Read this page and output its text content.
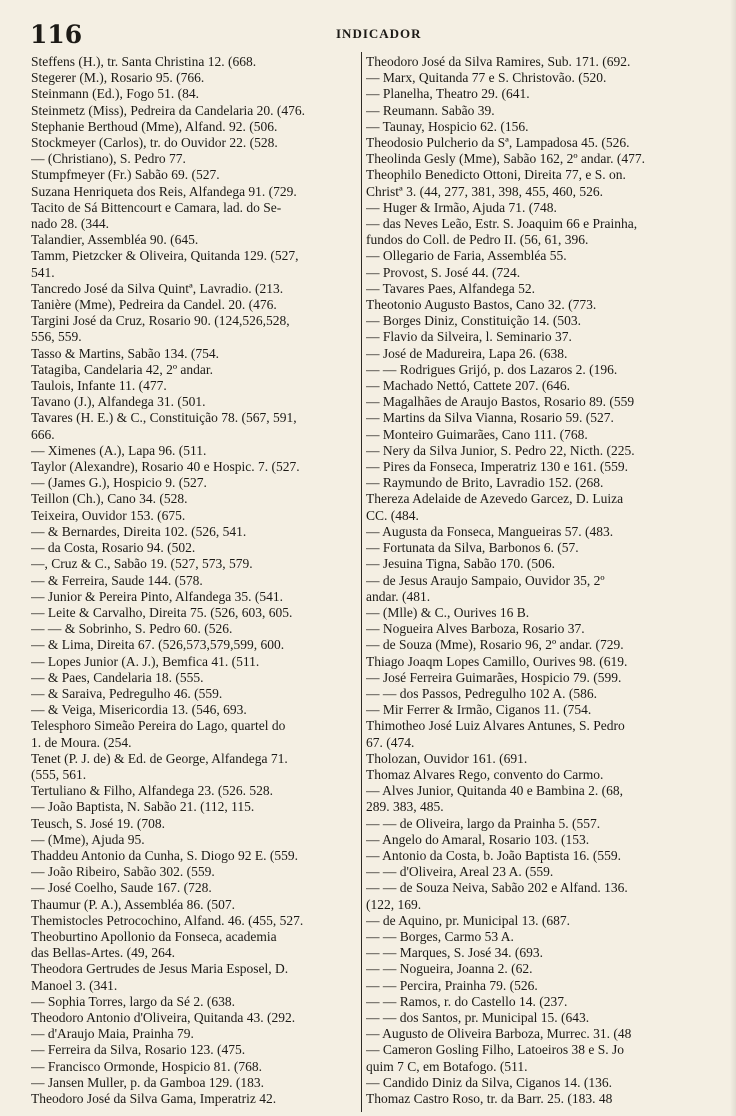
116	INDICADOR
Steffens (H.), tr. Santa Christina 12. (668.
Stegerer (M.), Rosario 95. (766.
Steinmann (Ed.), Fogo 51. (84.
Steinmetz (Miss), Pedreira da Candelaria 20. (476.
Stephanie Berthoud (Mme), Alfand. 92. (506.
Stockmeyer (Carlos), tr. do Ouvidor 22. (528.
— (Christiano), S. Pedro 77.
Stumpfmeyer (Fr.) Sabão 69. (527.
Suzana Henriqueta dos Reis, Alfandega 91. (729.
Tacito de Sá Bittencourt e Camara, lad. do Se-
nado 28. (344.
Talandier, Assembléa 90. (645.
Tamm, Pietzcker & Oliveira, Quitanda 129. (527,
541.
Tancredo José da Silva Quintª, Lavradio. (213.
Tanière (Mme), Pedreira da Candel. 20. (476.
Targini José da Cruz, Rosario 90. (124,526,528,
556, 559.
Tasso & Martins, Sabão 134. (754.
Tatagiba, Candelaria 42, 2º andar.
Taulois, Infante 11. (477.
Tavano (J.), Alfandega 31. (501.
Tavares (H. E.) & C., Constituição 78. (567, 591,
666.
— Ximenes (A.), Lapa 96. (511.
Taylor (Alexandre), Rosario 40 e Hospic. 7. (527.
— (James G.), Hospicio 9. (527.
Teillon (Ch.), Cano 34. (528.
Teixeira, Ouvidor 153. (675.
— & Bernardes, Direita 102. (526, 541.
— da Costa, Rosario 94. (502.
—, Cruz & C., Sabão 19. (527, 573, 579.
— & Ferreira, Saude 144. (578.
— Junior & Pereira Pinto, Alfandega 35. (541.
— Leite & Carvalho, Direita 75. (526, 603, 605.
— — & Sobrinho, S. Pedro 60. (526.
— & Lima, Direita 67. (526,573,579,599, 600.
— Lopes Junior (A. J.), Bemfica 41. (511.
— & Paes, Candelaria 18. (555.
— & Saraiva, Pedregulho 46. (559.
— & Veiga, Misericordia 13. (546, 693.
Telesphoro Simeão Pereira do Lago, quartel do
1. de Moura. (254.
Tenet (P. J. de) & Ed. de George, Alfandega 71.
(555, 561.
Tertuliano & Filho, Alfandega 23. (526. 528.
— João Baptista, N. Sabão 21. (112, 115.
Teusch, S. José 19. (708.
— (Mme), Ajuda 95.
Thaddeu Antonio da Cunha, S. Diogo 92 E. (559.
— João Ribeiro, Sabão 302. (559.
— José Coelho, Saude 167. (728.
Thaumur (P. A.), Assembléa 86. (507.
Themistocles Petrocochino, Alfand. 46. (455, 527.
Theoburtino Apollonio da Fonseca, academia
das Bellas-Artes. (49, 264.
Theodora Gertrudes de Jesus Maria Esposel, D.
Manoel 3. (341.
— Sophia Torres, largo da Sé 2. (638.
Theodoro Antonio d'Oliveira, Quitanda 43. (292.
— d'Araujo Maia, Prainha 79.
— Ferreira da Silva, Rosario 123. (475.
— Francisco Ormonde, Hospicio 81. (768.
— Jansen Muller, p. da Gamboa 129. (183.
Theodoro José da Silva Gama, Imperatriz 42.
Theodoro José da Silva Ramires, Sub. 171. (692.
— Marx, Quitanda 77 e S. Christovão. (520.
— Planelha, Theatro 29. (641.
— Reumann. Sabão 39.
— Taunay, Hospicio 62. (156.
Theodosio Pulcherio da Sª, Lampadosa 45. (526.
Theolinda Gesly (Mme), Sabão 162, 2º andar. (477.
Theophilo Benedicto Ottoni, Direita 77, e S. on.
Christª 3. (44, 277, 381, 398, 455, 460, 526.
— Huger & Irmão, Ajuda 71. (748.
— das Neves Leão, Estr. S. Joaquim 66 e Prainha,
fundos do Coll. de Pedro II. (56, 61, 396.
— Ollegario de Faria, Assembléa 55.
— Provost, S. José 44. (724.
— Tavares Paes, Alfandega 52.
Theotonio Augusto Bastos, Cano 32. (773.
— Borges Diniz, Constituição 14. (503.
— Flavio da Silveira, l. Seminario 37.
— José de Madureira, Lapa 26. (638.
— — Rodrigues Grijó, p. dos Lazaros 2. (196.
— Machado Nettó, Cattete 207. (646.
— Magalhães de Araujo Bastos, Rosario 89. (559
— Martins da Silva Vianna, Rosario 59. (527.
— Monteiro Guimarães, Cano 111. (768.
— Nery da Silva Junior, S. Pedro 22, Nicth. (225.
— Pires da Fonseca, Imperatriz 130 e 161. (559.
— Raymundo de Brito, Lavradio 152. (268.
Thereza Adelaide de Azevedo Garcez, D. Luiza
CC. (484.
— Augusta da Fonseca, Mangueiras 57. (483.
— Fortunata da Silva, Barbonos 6. (57.
— Jesuina Tigna, Sabão 170. (506.
— de Jesus Araujo Sampaio, Ouvidor 35, 2º
andar. (481.
— (Mlle) & C., Ourives 16 B.
— Nogueira Alves Barboza, Rosario 37.
— de Souza (Mme), Rosario 96, 2º andar. (729.
Thiago Joaqm Lopes Camillo, Ourives 98. (619.
— José Ferreira Guimarães, Hospicio 79. (599.
— — dos Passos, Pedregulho 102 A. (586.
— Mir Ferrer & Irmão, Ciganos 11. (754.
Thimotheo José Luiz Alvares Antunes, S. Pedro
67. (474.
Tholozan, Ouvidor 161. (691.
Thomaz Alvares Rego, convento do Carmo.
— Alves Junior, Quitanda 40 e Bambina 2. (68,
289. 383, 485.
— — de Oliveira, largo da Prainha 5. (557.
— Angelo do Amaral, Rosario 103. (153.
— Antonio da Costa, b. João Baptista 16. (559.
— — d'Oliveira, Areal 23 A. (559.
— — de Souza Neiva, Sabão 202 e Alfand. 136.
(122, 169.
— de Aquino, pr. Municipal 13. (687.
— — Borges, Carmo 53 A.
— — Marques, S. José 34. (693.
— — Nogueira, Joanna 2. (62.
— — Percira, Prainha 79. (526.
— — Ramos, r. do Castello 14. (237.
— — dos Santos, pr. Municipal 15. (643.
— Augusto de Oliveira Barboza, Murrec. 31. (48
— Cameron Gosling Filho, Latoeiros 38 e S. Jo
quim 7 C, em Botafogo. (511.
— Candido Diniz da Silva, Ciganos 14. (136.
Thomaz Castro Roso, tr. da Barr. 25. (183. 48
